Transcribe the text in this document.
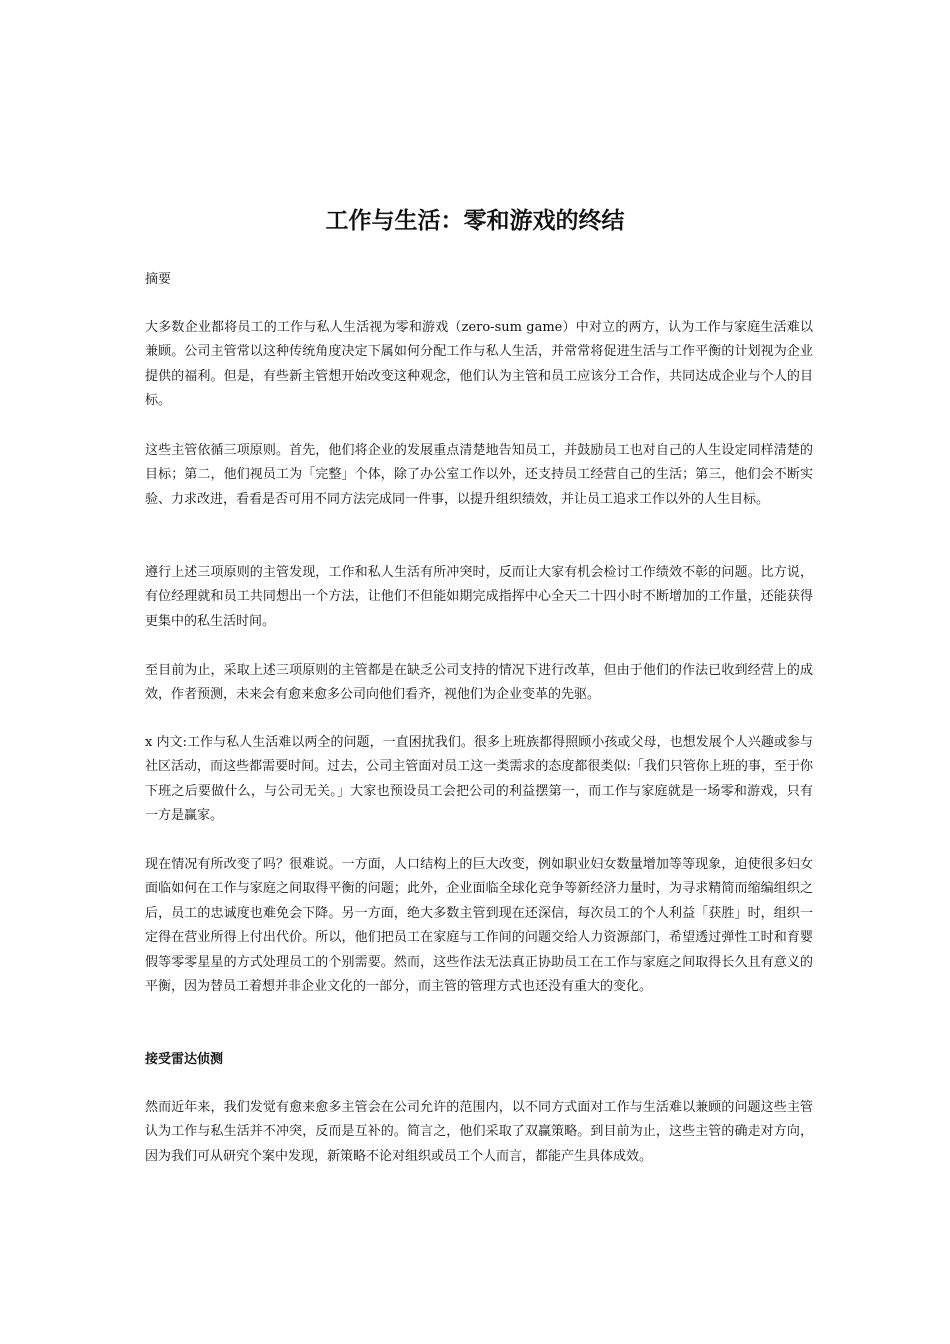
工作与生活：零和游戏的终结

摘要

大多数企业都将员工的工作与私人生活视为零和游戏（zero-sum game）中对立的两方，认为工作与家庭生活难以兼顾。公司主管常以这种传统角度决定下属如何分配工作与私人生活，并常常将促进生活与工作平衡的计划视为企业提供的福利。但是，有些新主管想开始改变这种观念，他们认为主管和员工应该分工合作，共同达成企业与个人的目标。

这些主管依循三项原则。首先，他们将企业的发展重点清楚地告知员工，并鼓励员工也对自己的人生设定同样清楚的目标；第二，他们视员工为「完整」个体，除了办公室工作以外，还支持员工经营自己的生活；第三，他们会不断实验、力求改进，看看是否可用不同方法完成同一件事，以提升组织绩效，并让员工追求工作以外的人生目标。

遵行上述三项原则的主管发现，工作和私人生活有所冲突时，反而让大家有机会检讨工作绩效不彰的问题。比方说，有位经理就和员工共同想出一个方法，让他们不但能如期完成指挥中心全天二十四小时不断增加的工作量，还能获得更集中的私生活时间。

至目前为止，采取上述三项原则的主管都是在缺乏公司支持的情况下进行改革，但由于他们的作法已收到经营上的成效，作者预测，未来会有愈来愈多公司向他们看齐，视他们为企业变革的先驱。

x 内文:工作与私人生活难以两全的问题，一直困扰我们。很多上班族都得照顾小孩或父母，也想发展个人兴趣或参与社区活动，而这些都需要时间。过去，公司主管面对员工这一类需求的态度都很类似:「我们只管你上班的事，至于你下班之后要做什么，与公司无关。」大家也预设员工会把公司的利益摆第一，而工作与家庭就是一场零和游戏，只有一方是赢家。

现在情况有所改变了吗？很难说。一方面，人口结构上的巨大改变，例如职业妇女数量增加等等现象，迫使很多妇女面临如何在工作与家庭之间取得平衡的问题；此外，企业面临全球化竞争等新经济力量时，为寻求精简而缩编组织之后，员工的忠诚度也难免会下降。另一方面，绝大多数主管到现在还深信，每次员工的个人利益「获胜」时，组织一定得在营业所得上付出代价。所以，他们把员工在家庭与工作间的问题交给人力资源部门，希望透过弹性工时和育婴假等零零星星的方式处理员工的个别需要。然而，这些作法无法真正协助员工在工作与家庭之间取得长久且有意义的平衡，因为替员工着想并非企业文化的一部分，而主管的管理方式也还没有重大的变化。

接受雷达侦测

然而近年来，我们发觉有愈来愈多主管会在公司允许的范围内，以不同方式面对工作与生活难以兼顾的问题这些主管认为工作与私生活并不冲突，反而是互补的。简言之，他们采取了双赢策略。到目前为止，这些主管的确走对方向，因为我们可从研究个案中发现，新策略不论对组织或员工个人而言，都能产生具体成效。
